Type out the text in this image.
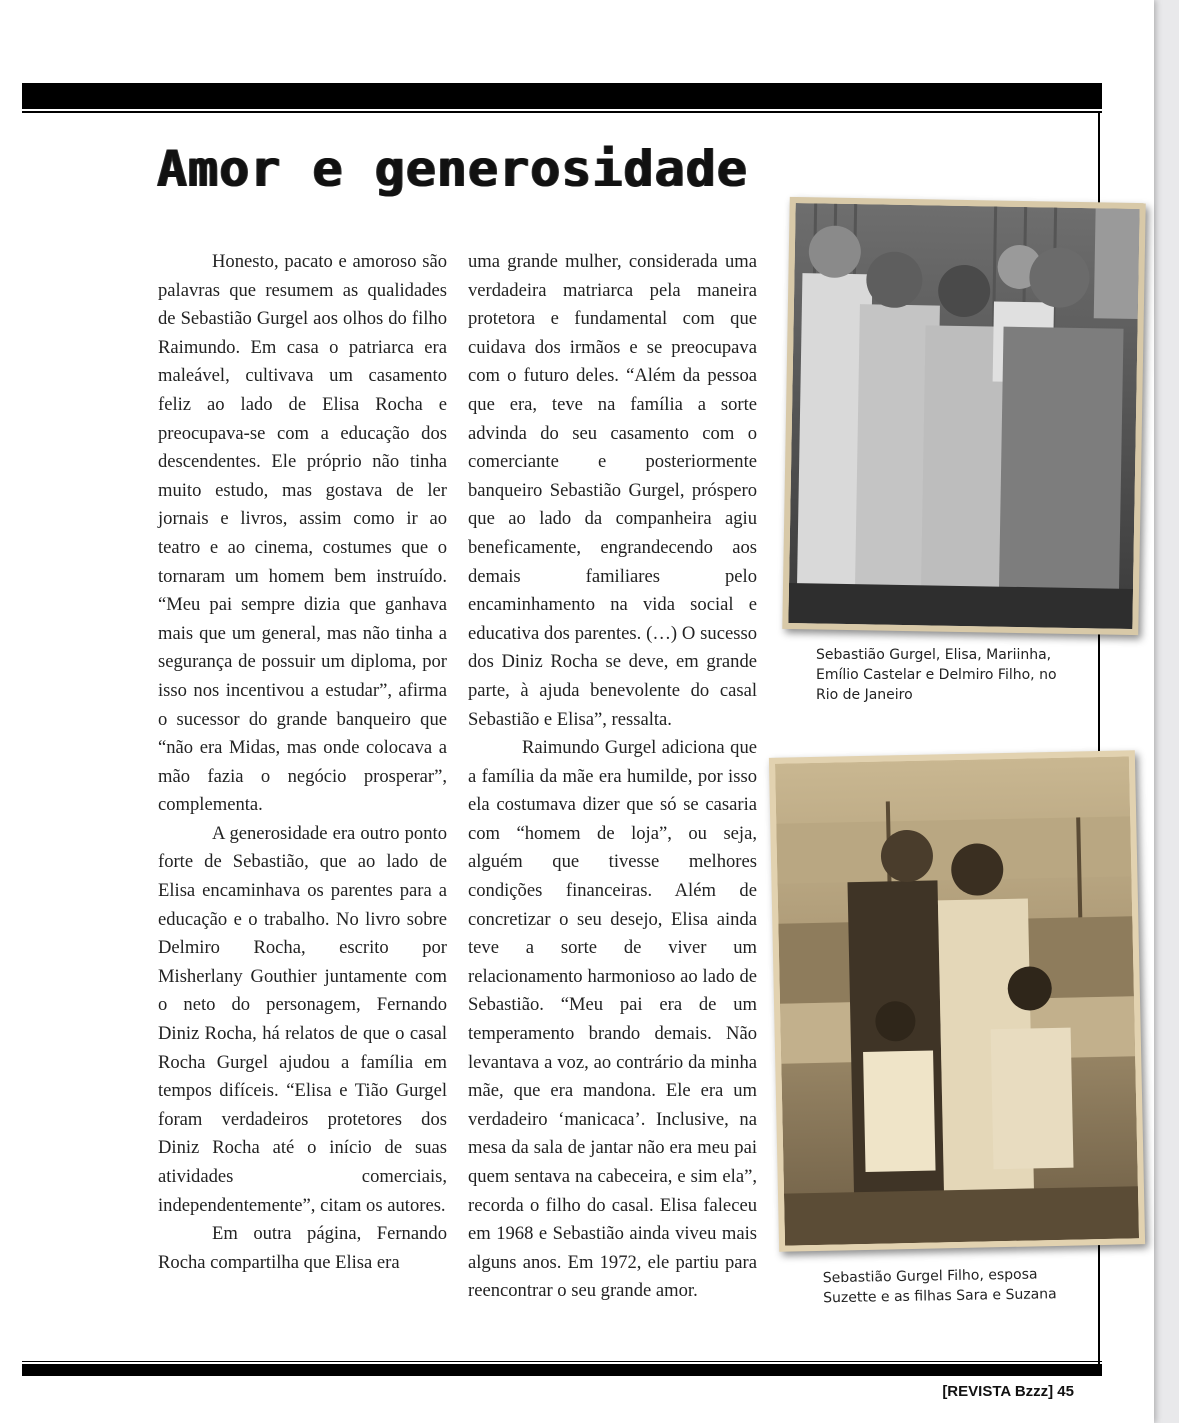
Amor e generosidade

Honesto, pacato e amoroso são palavras que resumem as qualidades de Sebastião Gurgel aos olhos do filho Raimundo. Em casa o patriarca era maleável, cultivava um casamento feliz ao lado de Elisa Rocha e preocupava-se com a educação dos descendentes. Ele próprio não tinha muito estudo, mas gostava de ler jornais e livros, assim como ir ao teatro e ao cinema, costumes que o tornaram um homem bem instruído. “Meu pai sempre dizia que ganhava mais que um general, mas não tinha a segurança de possuir um diploma, por isso nos incentivou a estudar”, afirma o sucessor do grande banqueiro que “não era Midas, mas onde colocava a mão fazia o negócio prosperar”, complementa.

A generosidade era outro ponto forte de Sebastião, que ao lado de Elisa encaminhava os parentes para a educação e o trabalho. No livro sobre Delmiro Rocha, escrito por Misherlany Gouthier juntamente com o neto do personagem, Fernando Diniz Rocha, há relatos de que o casal Rocha Gurgel ajudou a família em tempos difíceis. “Elisa e Tião Gurgel foram verdadeiros protetores dos Diniz Rocha até o início de suas atividades comerciais, independentemente”, citam os autores.

Em outra página, Fernando Rocha compartilha que Elisa era

uma grande mulher, considerada uma verdadeira matriarca pela maneira protetora e fundamental com que cuidava dos irmãos e se preocupava com o futuro deles. “Além da pessoa que era, teve na família a sorte advinda do seu casamento com o comerciante e posteriormente banqueiro Sebastião Gurgel, próspero que ao lado da companheira agiu beneficamente, engrandecendo aos demais familiares pelo encaminhamento na vida social e educativa dos parentes. (…) O sucesso dos Diniz Rocha se deve, em grande parte, à ajuda benevolente do casal Sebastião e Elisa”, ressalta.

Raimundo Gurgel adiciona que a família da mãe era humilde, por isso ela costumava dizer que só se casaria com “homem de loja”, ou seja, alguém que tivesse melhores condições financeiras. Além de concretizar o seu desejo, Elisa ainda teve a sorte de viver um relacionamento harmonioso ao lado de Sebastião. “Meu pai era de um temperamento brando demais. Não levantava a voz, ao contrário da minha mãe, que era mandona. Ele era um verdadeiro ‘manicaca’. Inclusive, na mesa da sala de jantar não era meu pai quem sentava na cabeceira, e sim ela”, recorda o filho do casal. Elisa faleceu em 1968 e Sebastião ainda viveu mais alguns anos. Em 1972, ele partiu para reencontrar o seu grande amor.

Sebastião Gurgel, Elisa, Mariinha, Emílio Castelar e Delmiro Filho, no Rio de Janeiro
Sebastião Gurgel Filho, esposa Suzette e as filhas Sara e Suzana
[REVISTA Bzzz] 45
